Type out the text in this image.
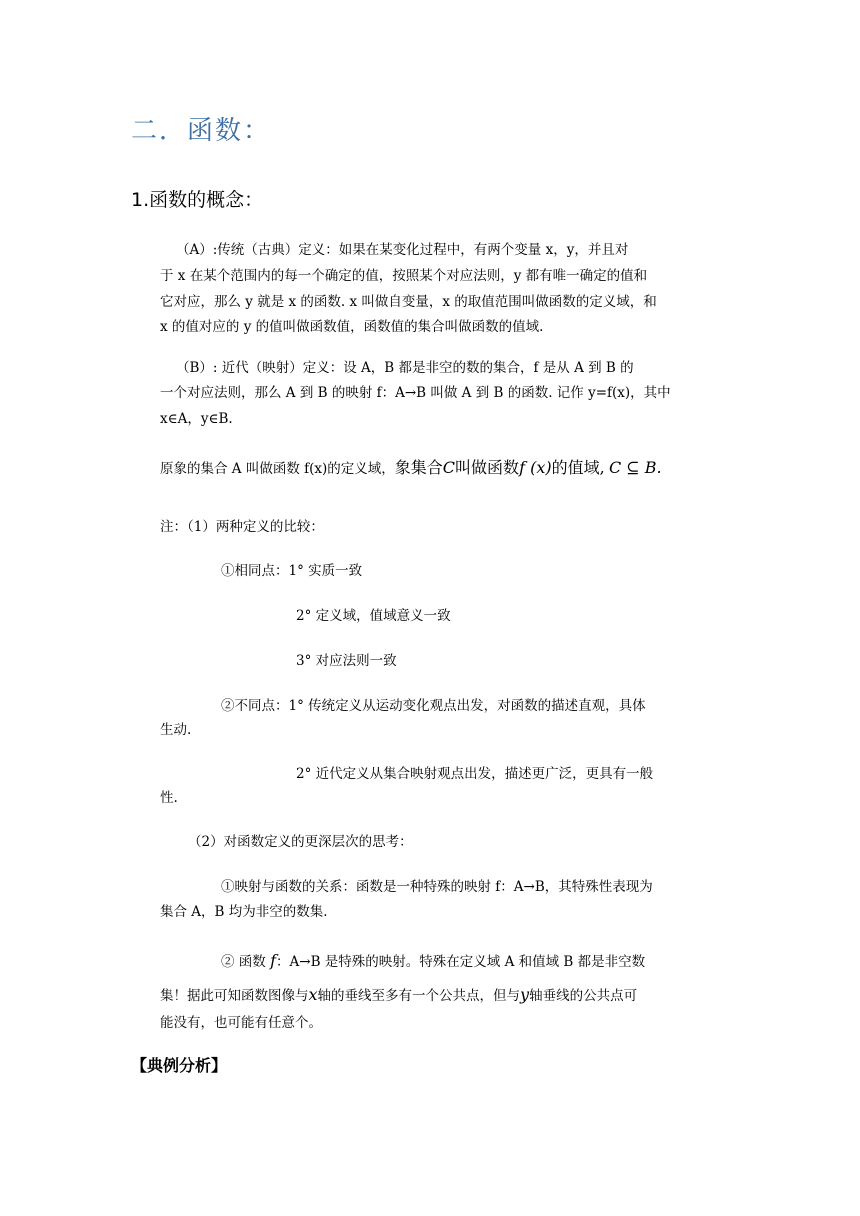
二．函数：
1.函数的概念：
（A）:传统（古典）定义：如果在某变化过程中，有两个变量 x，y，并且对
于 x 在某个范围内的每一个确定的值，按照某个对应法则，y 都有唯一确定的值和
它对应，那么 y 就是 x 的函数. x 叫做自变量，x 的取值范围叫做函数的定义域，和
x 的值对应的 y 的值叫做函数值，函数值的集合叫做函数的值域.
（B）: 近代（映射）定义：设 A，B 都是非空的数的集合，f 是从 A 到 B 的
一个对应法则，那么 A 到 B 的映射 f：A→B 叫做 A 到 B 的函数. 记作 y=f(x)，其中
x∈A，y∈B.
原象的集合 A 叫做函数 f(x)的定义域，象集合C叫做函数f (x)的值域, C ⊆ B.
注：（1）两种定义的比较：
①相同点：1° 实质一致
2° 定义域，值域意义一致
3° 对应法则一致
②不同点：1° 传统定义从运动变化观点出发，对函数的描述直观，具体
生动.
2° 近代定义从集合映射观点出发，描述更广泛，更具有一般
性.
（2）对函数定义的更深层次的思考：
①映射与函数的关系：函数是一种特殊的映射 f：A→B，其特殊性表现为
集合 A，B 均为非空的数集.
② 函数 f：A→B 是特殊的映射。特殊在定义域 A 和值域 B 都是非空数
集！据此可知函数图像与x轴的垂线至多有一个公共点，但与y轴垂线的公共点可
能没有，也可能有任意个。
【典例分析】
